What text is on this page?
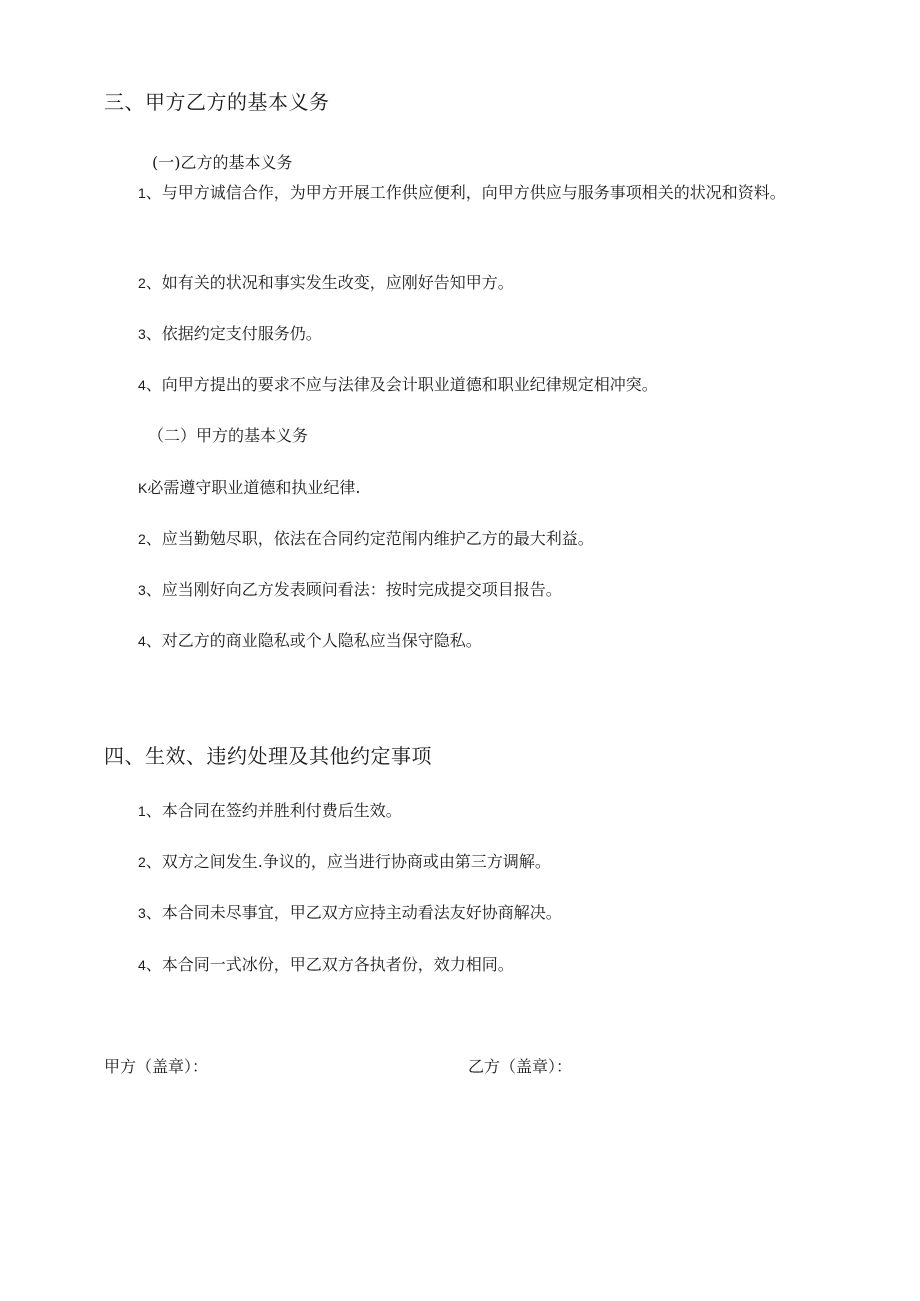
三、甲方乙方的基本义务
(一)乙方的基本义务
1、与甲方诚信合作，为甲方开展工作供应便利，向甲方供应与服务事项相关的状况和资料。
2、如有关的状况和事实发生改变，应刚好告知甲方。
3、依据约定支付服务仍。
4、向甲方提出的要求不应与法律及会计职业道德和职业纪律规定相冲突。
（二）甲方的基本义务
K必需遵守职业道德和执业纪律.
2、应当勤勉尽职，依法在合同约定范闱内维护乙方的最大利益。
3、应当刚好向乙方发表顾问看法：按时完成提交项目报告。
4、对乙方的商业隐私或个人隐私应当保守隐私。
四、生效、违约处理及其他约定事项
1、本合同在签约并胜利付费后生效。
2、双方之间发生.争议的，应当进行协商或由第三方调解。
3、本合同未尽事宜，甲乙双方应持主动看法友好协商解决。
4、本合同一式冰份，甲乙双方各执者份，效力相同。
甲方（盖章）：	乙方（盖章）：
